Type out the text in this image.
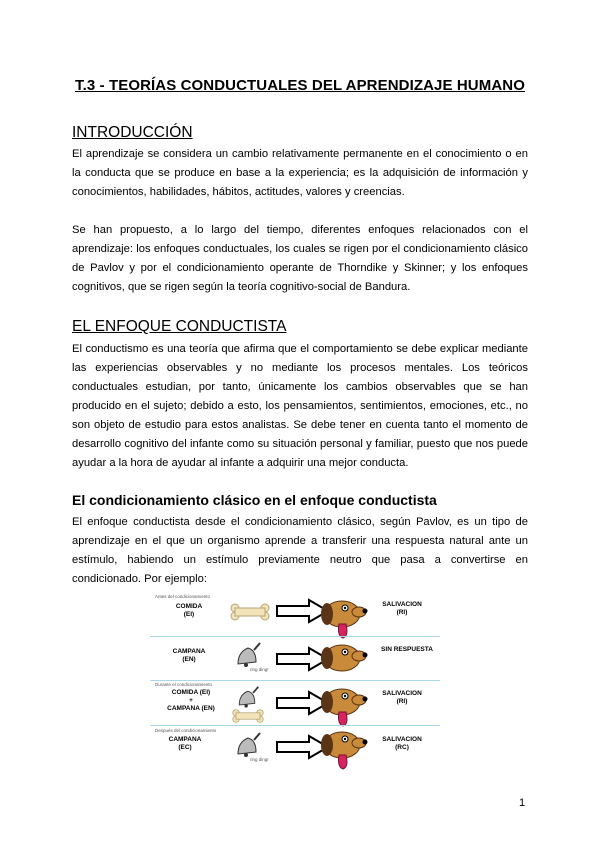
T.3 - TEORÍAS CONDUCTUALES DEL APRENDIZAJE HUMANO
INTRODUCCIÓN
El aprendizaje se considera un cambio relativamente permanente en el conocimiento o en la conducta que se produce en base a la experiencia; es la adquisición de información y conocimientos, habilidades, hábitos, actitudes, valores y creencias.
Se han propuesto, a lo largo del tiempo, diferentes enfoques relacionados con el aprendizaje: los enfoques conductuales, los cuales se rigen por el condicionamiento clásico de Pavlov y por el condicionamiento operante de Thorndike y Skinner; y los enfoques cognitivos, que se rigen según la teoría cognitivo-social de Bandura.
EL ENFOQUE CONDUCTISTA
El conductismo es una teoría que afirma que el comportamiento se debe explicar mediante las experiencias observables y no mediante los procesos mentales. Los teóricos conductuales estudian, por tanto, únicamente los cambios observables que se han producido en el sujeto; debido a esto, los pensamientos, sentimientos, emociones, etc., no son objeto de estudio para estos analistas. Se debe tener en cuenta tanto el momento de desarrollo cognitivo del infante como su situación personal y familiar, puesto que nos puede ayudar a la hora de ayudar al infante a adquirir una mejor conducta.
El condicionamiento clásico en el enfoque conductista
El enfoque conductista desde el condicionamiento clásico, según Pavlov, es un tipo de aprendizaje en el que un organismo aprende a transferir una respuesta natural ante un estímulo, habiendo un estímulo previamente neutro que pasa a convertirse en condicionado. Por ejemplo:
Antes del condicionamiento
COMIDA
(EI)
SALIVACION
(RI)
CAMPANA
(EN)
ring ding!
SIN RESPUESTA
Durante el condicionamiento
COMIDA (EI)
+
CAMPANA (EN)
SALIVACION
(RI)
Después del condicionamiento
CAMPANA
(EC)
ring ding!
SALIVACION
(RC)
1
